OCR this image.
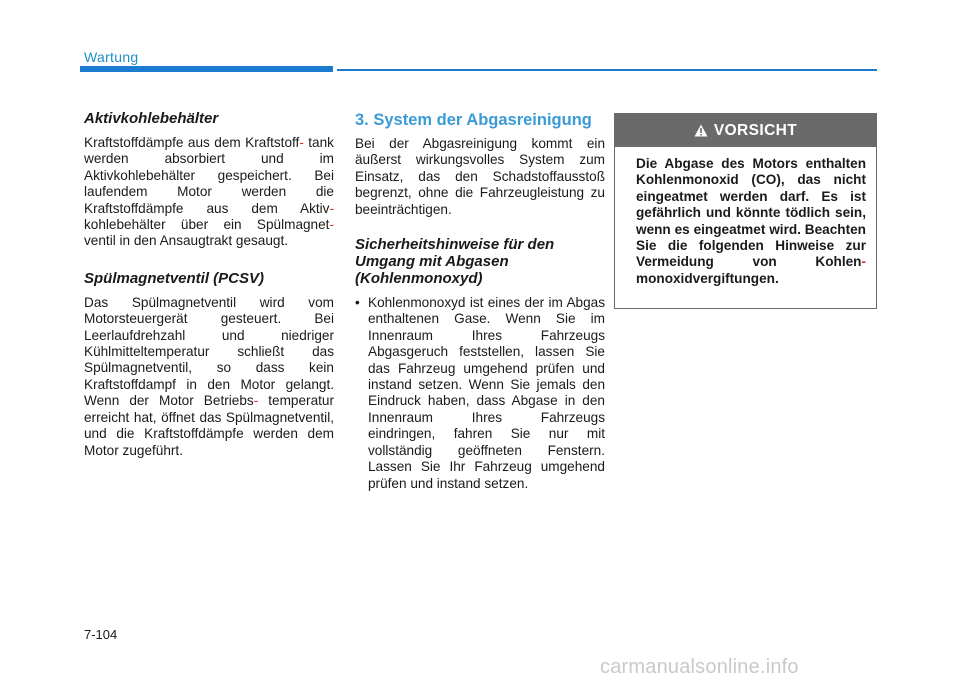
Wartung
Aktivkohlebehälter

Kraftstoffdämpfe aus dem Kraftstoff- tank werden absorbiert und im Aktivkohlebehälter gespeichert. Bei laufendem Motor werden die Kraftstoffdämpfe aus dem Aktiv- kohlebehälter über ein Spülmagnet- ventil in den Ansaugtrakt gesaugt.

Spülmagnetventil (PCSV)

Das Spülmagnetventil wird vom Motorsteuergerät gesteuert. Bei Leerlaufdrehzahl und niedriger Kühlmitteltemperatur schließt das Spülmagnetventil, so dass kein Kraftstoffdampf in den Motor gelangt. Wenn der Motor Betriebs- temperatur erreicht hat, öffnet das Spülmagnetventil, und die Kraftstoffdämpfe werden dem Motor zugeführt.

3. System der Abgasreinigung

Bei der Abgasreinigung kommt ein äußerst wirkungsvolles System zum Einsatz, das den Schadstoffausstoß begrenzt, ohne die Fahrzeugleistung zu beeinträchtigen.

Sicherheitshinweise für den Umgang mit Abgasen (Kohlenmonoxyd)
• Kohlenmonoxyd ist eines der im Abgas enthaltenen Gase. Wenn Sie im Innenraum Ihres Fahrzeugs Abgasgeruch feststellen, lassen Sie das Fahrzeug umgehend prüfen und instand setzen. Wenn Sie jemals den Eindruck haben, dass Abgase in den Innenraum Ihres Fahrzeugs eindringen, fahren Sie nur mit vollständig geöffneten Fenstern. Lassen Sie Ihr Fahrzeug umgehend prüfen und instand setzen.
VORSICHT
Die Abgase des Motors enthalten Kohlenmonoxid (CO), das nicht eingeatmet werden darf. Es ist gefährlich und könnte tödlich sein, wenn es eingeatmet wird. Beachten Sie die folgenden Hinweise zur Vermeidung von Kohlen- monoxidvergiftungen.
7-104
carmanualsonline.info
